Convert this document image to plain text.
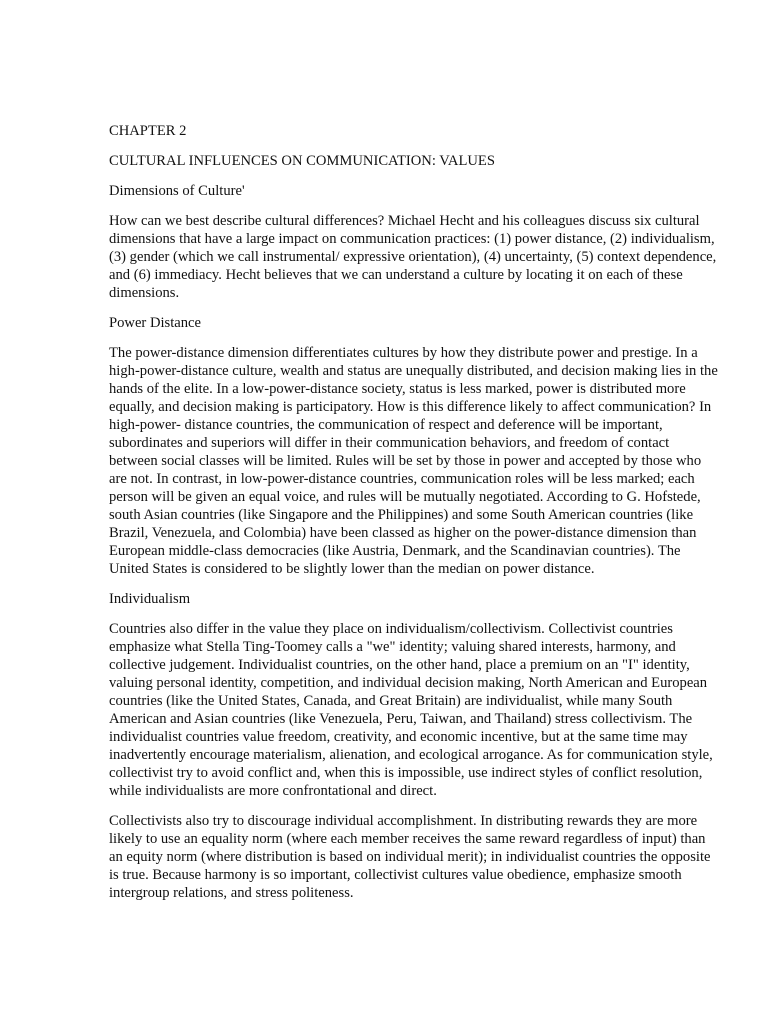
CHAPTER 2

CULTURAL INFLUENCES ON COMMUNICATION: VALUES

Dimensions of Culture'

How can we best describe cultural differences? Michael Hecht and his colleagues discuss six cultural dimensions that have a large impact on communication practices: (1) power distance, (2) individualism, (3) gender (which we call instrumental/ expressive orientation), (4) uncertainty, (5) context dependence, and (6) immediacy. Hecht believes that we can understand a culture by locating it on each of these dimensions.

Power Distance

The power-distance dimension differentiates cultures by how they distribute power and prestige. In a high-power-distance culture, wealth and status are unequally distributed, and decision making lies in the hands of the elite. In a low-power-distance society, status is less marked, power is distributed more equally, and decision making is participatory. How is this difference likely to affect communication? In high-power- distance countries, the communication of respect and deference will be important, subordinates and superiors will differ in their communication behaviors, and freedom of contact between social classes will be limited. Rules will be set by those in power and accepted by those who are not. In contrast, in low-power-distance countries, communication roles will be less marked; each person will be given an equal voice, and rules will be mutually negotiated. According to G. Hofstede, south Asian countries (like Singapore and the Philippines) and some South American countries (like Brazil, Venezuela, and Colombia) have been classed as higher on the power-distance dimension than European middle-class democracies (like Austria, Denmark, and the Scandinavian countries). The United States is considered to be slightly lower than the median on power distance.

Individualism

Countries also differ in the value they place on individualism/collectivism. Collectivist countries emphasize what Stella Ting-Toomey calls a "we" identity; valuing shared interests, harmony, and collective judgement. Individualist countries, on the other hand, place a premium on an "I" identity, valuing personal identity, competition, and individual decision making, North American and European countries (like the United States, Canada, and Great Britain) are individualist, while many South American and Asian countries (like Venezuela, Peru, Taiwan, and Thailand) stress collectivism. The individualist countries value freedom, creativity, and economic incentive, but at the same time may inadvertently encourage materialism, alienation, and ecological arrogance. As for communication style, collectivist try to avoid conflict and, when this is impossible, use indirect styles of conflict resolution, while individualists are more confrontational and direct.

Collectivists also try to discourage individual accomplishment. In distributing rewards they are more likely to use an equality norm (where each member receives the same reward regardless of input) than an equity norm (where distribution is based on individual merit); in individualist countries the opposite is true. Because harmony is so important, collectivist cultures value obedience, emphasize smooth intergroup relations, and stress politeness.
